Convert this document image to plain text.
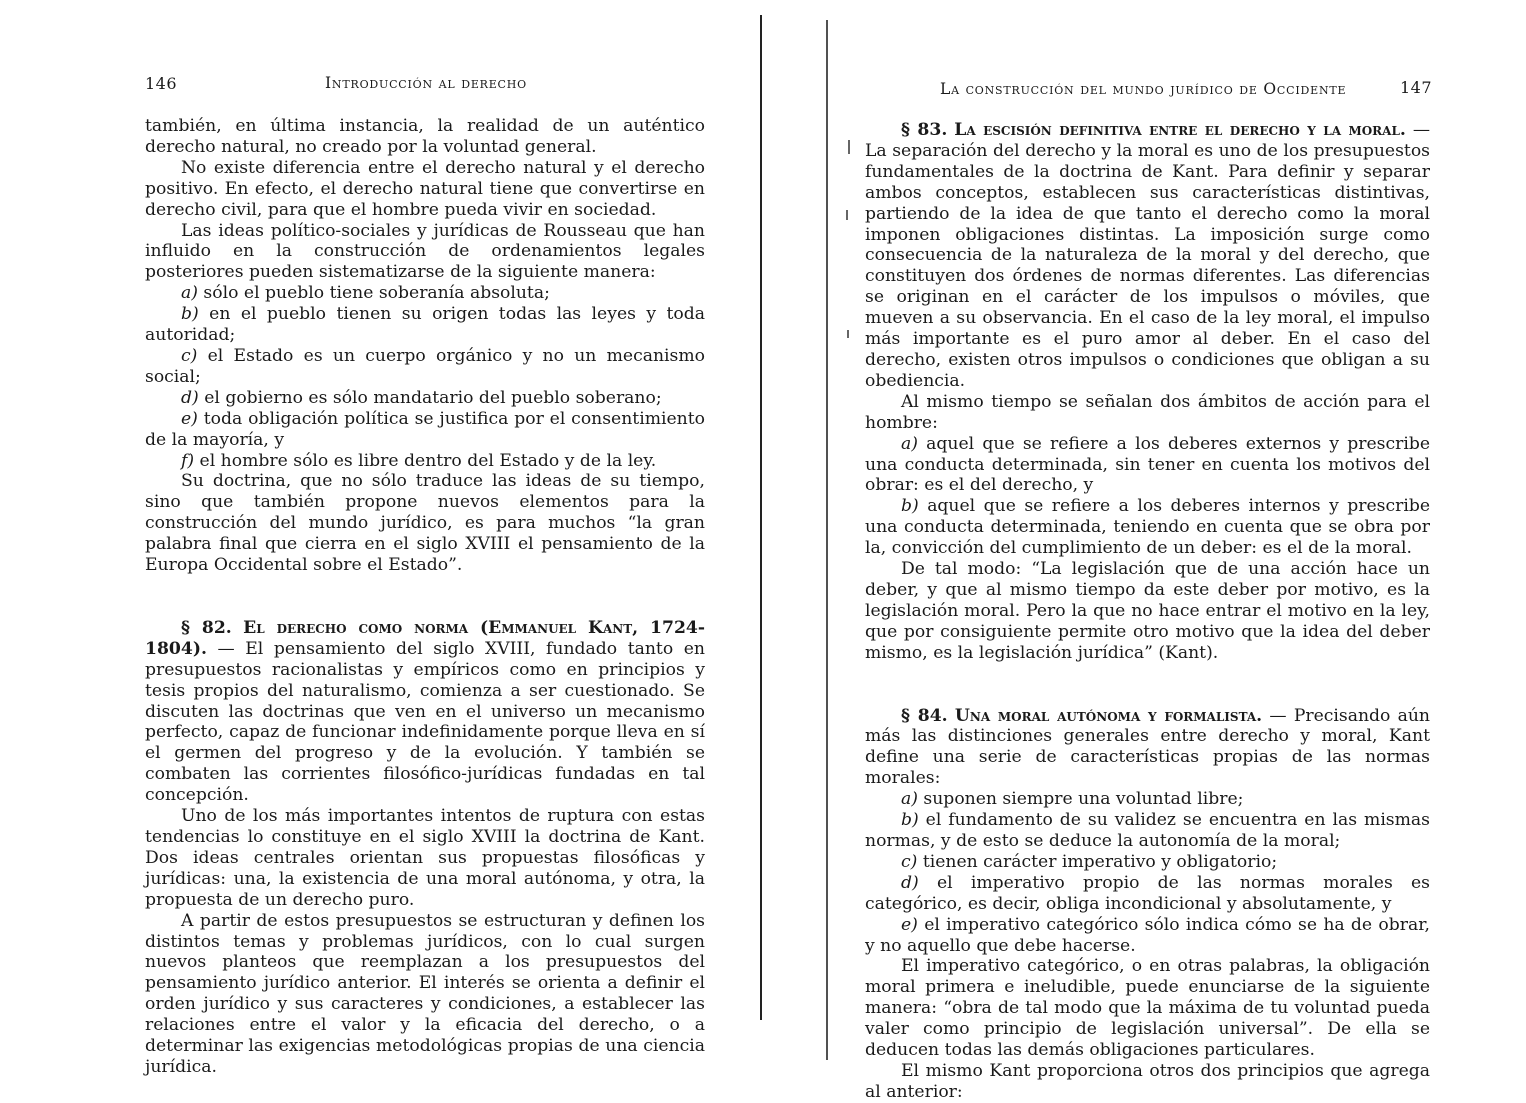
146	Introducción al derecho

también, en última instancia, la realidad de un auténtico derecho natural, no creado por la voluntad general.

No existe diferencia entre el derecho natural y el derecho positivo. En efecto, el derecho natural tiene que convertirse en derecho civil, para que el hombre pueda vivir en sociedad.

Las ideas político-sociales y jurídicas de Rousseau que han influido en la construcción de ordenamientos legales posteriores pueden sistematizarse de la siguiente manera:

a) sólo el pueblo tiene soberanía absoluta;

b) en el pueblo tienen su origen todas las leyes y toda autoridad;

c) el Estado es un cuerpo orgánico y no un mecanismo social;

d) el gobierno es sólo mandatario del pueblo soberano;

e) toda obligación política se justifica por el consentimiento de la mayoría, y

f) el hombre sólo es libre dentro del Estado y de la ley.

Su doctrina, que no sólo traduce las ideas de su tiempo, sino que también propone nuevos elementos para la construcción del mundo jurídico, es para muchos “la gran palabra final que cierra en el siglo XVIII el pensamiento de la Europa Occidental sobre el Estado”.

§ 82. El derecho como norma (Emmanuel Kant, 1724-1804). — El pensamiento del siglo XVIII, fundado tanto en presupuestos racionalistas y empíricos como en principios y tesis propios del naturalismo, comienza a ser cuestionado. Se discuten las doctrinas que ven en el universo un mecanismo perfecto, capaz de funcionar indefinidamente porque lleva en sí el germen del progreso y de la evolución. Y también se combaten las corrientes filosófico-jurídicas fundadas en tal concepción.

Uno de los más importantes intentos de ruptura con estas tendencias lo constituye en el siglo XVIII la doctrina de Kant. Dos ideas centrales orientan sus propuestas filosóficas y jurídicas: una, la existencia de una moral autónoma, y otra, la propuesta de un derecho puro.

A partir de estos presupuestos se estructuran y definen los distintos temas y problemas jurídicos, con lo cual surgen nuevos planteos que reemplazan a los presupuestos del pensamiento jurídico anterior. El interés se orienta a definir el orden jurídico y sus caracteres y condiciones, a establecer las relaciones entre el valor y la eficacia del derecho, o a determinar las exigencias metodológicas propias de una ciencia jurídica.

La construcción del mundo jurídico de Occidente	147

§ 83. La escisión definitiva entre el derecho y la moral. — La separación del derecho y la moral es uno de los presupuestos fundamentales de la doctrina de Kant. Para definir y separar ambos conceptos, establecen sus características distintivas, partiendo de la idea de que tanto el derecho como la moral imponen obligaciones distintas. La imposición surge como consecuencia de la naturaleza de la moral y del derecho, que constituyen dos órdenes de normas diferentes. Las diferencias se originan en el carácter de los impulsos o móviles, que mueven a su observancia. En el caso de la ley moral, el impulso más importante es el puro amor al deber. En el caso del derecho, existen otros impulsos o condiciones que obligan a su obediencia.

Al mismo tiempo se señalan dos ámbitos de acción para el hombre:

a) aquel que se refiere a los deberes externos y prescribe una conducta determinada, sin tener en cuenta los motivos del obrar: es el del derecho, y

b) aquel que se refiere a los deberes internos y prescribe una conducta determinada, teniendo en cuenta que se obra por la, convicción del cumplimiento de un deber: es el de la moral.

De tal modo: “La legislación que de una acción hace un deber, y que al mismo tiempo da este deber por motivo, es la legislación moral. Pero la que no hace entrar el motivo en la ley, que por consiguiente permite otro motivo que la idea del deber mismo, es la legislación jurídica” (Kant).

§ 84. Una moral autónoma y formalista. — Precisando aún más las distinciones generales entre derecho y moral, Kant define una serie de características propias de las normas morales:

a) suponen siempre una voluntad libre;

b) el fundamento de su validez se encuentra en las mismas normas, y de esto se deduce la autonomía de la moral;

c) tienen carácter imperativo y obligatorio;

d) el imperativo propio de las normas morales es categórico, es decir, obliga incondicional y absolutamente, y

e) el imperativo categórico sólo indica cómo se ha de obrar, y no aquello que debe hacerse.

El imperativo categórico, o en otras palabras, la obligación moral primera e ineludible, puede enunciarse de la siguiente manera: “obra de tal modo que la máxima de tu voluntad pueda valer como principio de legislación universal”. De ella se deducen todas las demás obligaciones particulares.

El mismo Kant proporciona otros dos principios que agrega al anterior:
